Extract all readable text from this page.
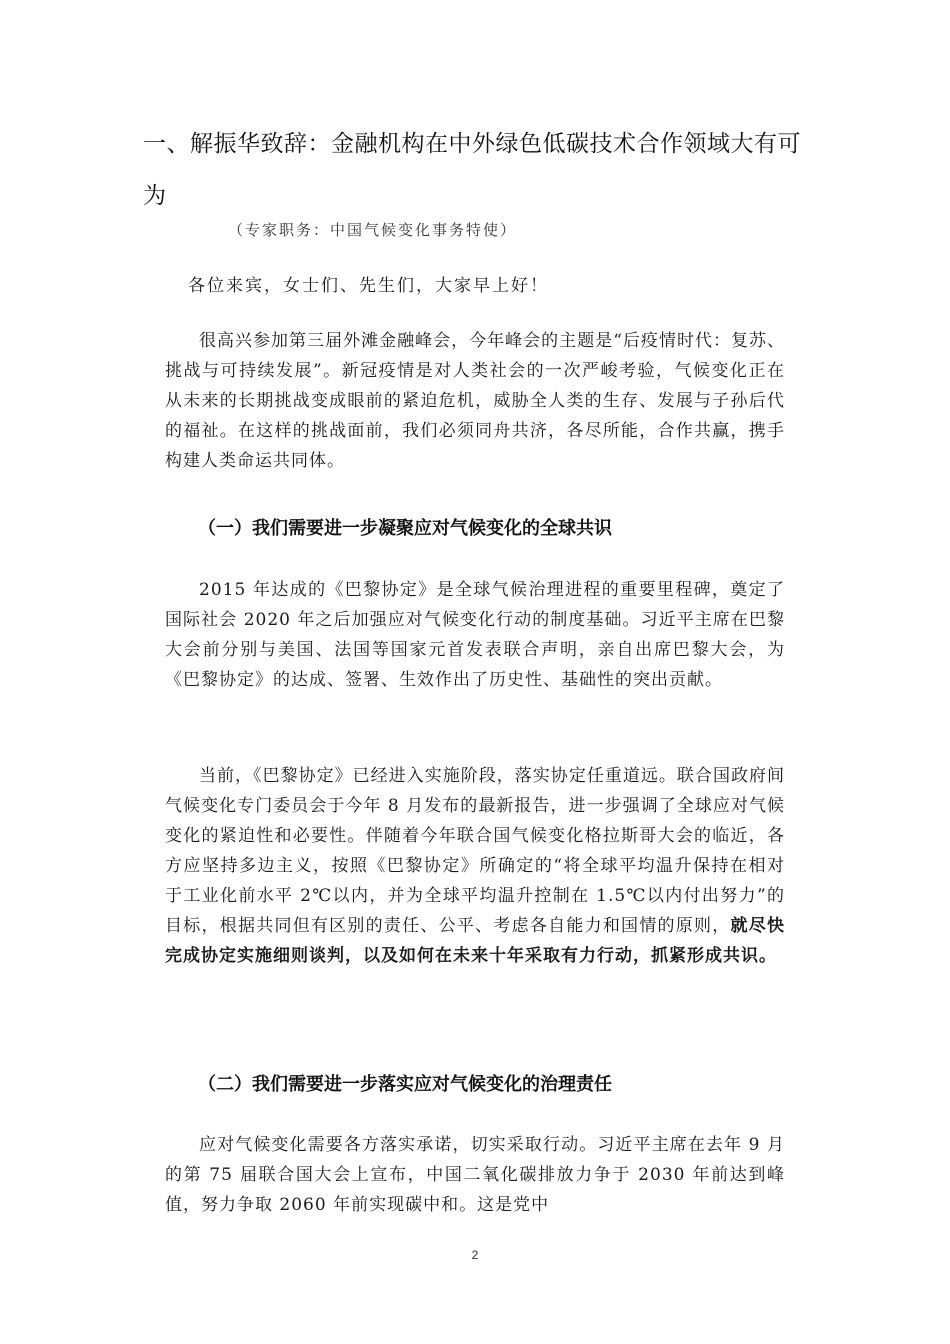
一、解振华致辞：金融机构在中外绿色低碳技术合作领域大有可为
（专家职务：中国气候变化事务特使）
各位来宾，女士们、先生们，大家早上好！

很高兴参加第三届外滩金融峰会，今年峰会的主题是“后疫情时代：复苏、挑战与可持续发展”。新冠疫情是对人类社会的一次严峻考验，气候变化正在从未来的长期挑战变成眼前的紧迫危机，威胁全人类的生存、发展与子孙后代的福祉。在这样的挑战面前，我们必须同舟共济，各尽所能，合作共赢，携手构建人类命运共同体。

（一）我们需要进一步凝聚应对气候变化的全球共识

2015 年达成的《巴黎协定》是全球气候治理进程的重要里程碑，奠定了国际社会 2020 年之后加强应对气候变化行动的制度基础。习近平主席在巴黎大会前分别与美国、法国等国家元首发表联合声明，亲自出席巴黎大会，为《巴黎协定》的达成、签署、生效作出了历史性、基础性的突出贡献。

当前，《巴黎协定》已经进入实施阶段，落实协定任重道远。联合国政府间气候变化专门委员会于今年 8 月发布的最新报告，进一步强调了全球应对气候变化的紧迫性和必要性。伴随着今年联合国气候变化格拉斯哥大会的临近，各方应坚持多边主义，按照《巴黎协定》所确定的“将全球平均温升保持在相对于工业化前水平 2℃以内，并为全球平均温升控制在 1.5℃以内付出努力”的目标，根据共同但有区别的责任、公平、考虑各自能力和国情的原则，就尽快完成协定实施细则谈判，以及如何在未来十年采取有力行动，抓紧形成共识。

（二）我们需要进一步落实应对气候变化的治理责任

应对气候变化需要各方落实承诺，切实采取行动。习近平主席在去年 9 月的第 75 届联合国大会上宣布，中国二氧化碳排放力争于 2030 年前达到峰值，努力争取 2060 年前实现碳中和。这是党中

2
